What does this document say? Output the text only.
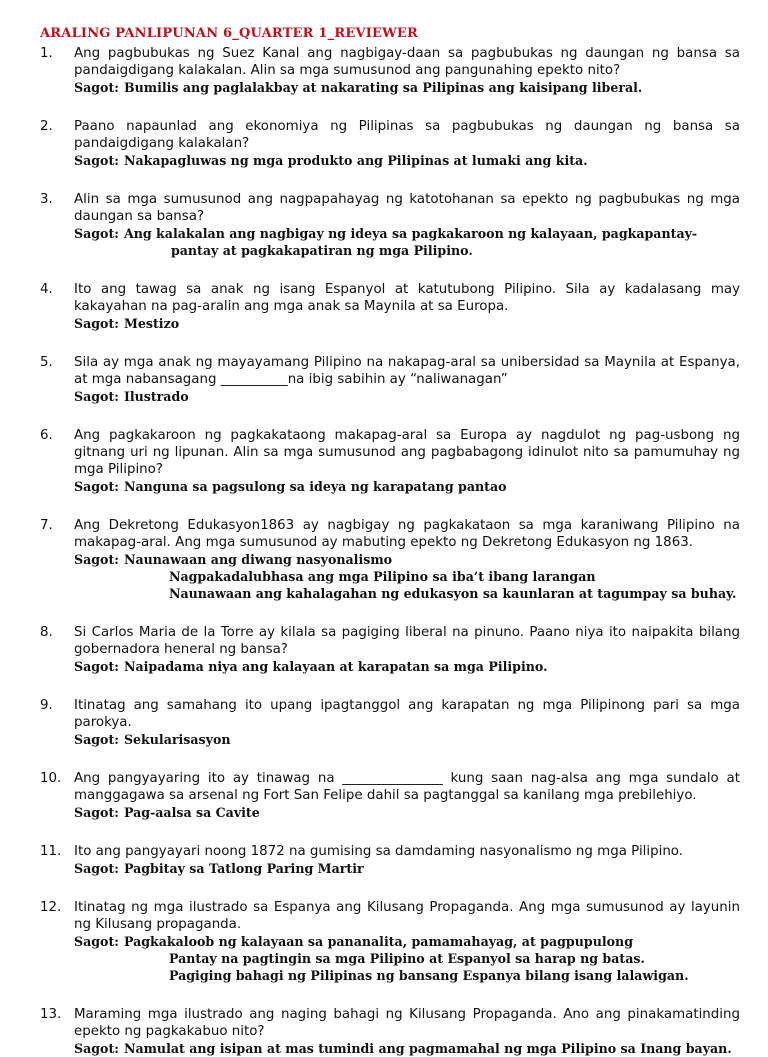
ARALING PANLIPUNAN 6_QUARTER 1_REVIEWER
1.	Ang pagbubukas ng Suez Kanal ang nagbigay-daan sa pagbubukas ng daungan ng bansa sa pandaigdigang kalakalan. Alin sa mga sumusunod ang pangunahing epekto nito?
Sagot: Bumilis ang paglalakbay at nakarating sa Pilipinas ang kaisipang liberal.
2.	Paano napaunlad ang ekonomiya ng Pilipinas sa pagbubukas ng daungan ng bansa sa pandaigdigang kalakalan?
Sagot: Nakapagluwas ng mga produkto ang Pilipinas at lumaki ang kita.
3.	Alin sa mga sumusunod ang nagpapahayag ng katotohanan sa epekto ng pagbubukas ng mga daungan sa bansa?
Sagot: Ang kalakalan ang nagbigay ng ideya sa pagkakaroon ng kalayaan, pagkapantay-
pantay at pagkakapatiran ng mga Pilipino.
4.	Ito ang tawag sa anak ng isang Espanyol at katutubong Pilipino. Sila ay kadalasang may kakayahan na pag-aralin ang mga anak sa Maynila at sa Europa.
Sagot: Mestizo
5.	Sila ay mga anak ng mayayamang Pilipino na nakapag-aral sa unibersidad sa Maynila at Espanya, at mga nabansagang __________na ibig sabihin ay “naliwanagan”
Sagot: Ilustrado
6.	Ang pagkakaroon ng pagkakataong makapag-aral sa Europa ay nagdulot ng pag-usbong ng gitnang uri ng lipunan. Alin sa mga sumusunod ang pagbabagong idinulot nito sa pamumuhay ng mga Pilipino?
Sagot: Nanguna sa pagsulong sa ideya ng karapatang pantao
7.	Ang Dekretong Edukasyon1863 ay nagbigay ng pagkakataon sa mga karaniwang Pilipino na makapag-aral. Ang mga sumusunod ay mabuting epekto ng Dekretong Edukasyon ng 1863.
Sagot: Naunawaan ang diwang nasyonalismo
Nagpakadalubhasa ang mga Pilipino sa iba’t ibang larangan
Naunawaan ang kahalagahan ng edukasyon sa kaunlaran at tagumpay sa buhay.
8.	Si Carlos Maria de la Torre ay kilala sa pagiging liberal na pinuno. Paano niya ito naipakita bilang gobernadora heneral ng bansa?
Sagot: Naipadama niya ang kalayaan at karapatan sa mga Pilipino.
9.	Itinatag ang samahang ito upang ipagtanggol ang karapatan ng mga Pilipinong pari sa mga parokya.
Sagot: Sekularisasyon
10. Ang pangyayaring ito ay tinawag na _______________ kung saan nag-alsa ang mga sundalo at manggagawa sa arsenal ng Fort San Felipe dahil sa pagtanggal sa kanilang mga prebilehiyo.
Sagot: Pag-aalsa sa Cavite
11. Ito ang pangyayari noong 1872 na gumising sa damdaming nasyonalismo ng mga Pilipino.
Sagot: Pagbitay sa Tatlong Paring Martir
12. Itinatag ng mga ilustrado sa Espanya ang Kilusang Propaganda. Ang mga sumusunod ay layunin ng Kilusang propaganda.
Sagot: Pagkakaloob ng kalayaan sa pananalita, pamamahayag, at pagpupulong
Pantay na pagtingin sa mga Pilipino at Espanyol sa harap ng batas.
Pagiging bahagi ng Pilipinas ng bansang Espanya bilang isang lalawigan.
13. Maraming mga ilustrado ang naging bahagi ng Kilusang Propaganda. Ano ang pinakamatinding epekto ng pagkakabuo nito?
Sagot: Namulat ang isipan at mas tumindi ang pagmamahal ng mga Pilipino sa Inang bayan.
